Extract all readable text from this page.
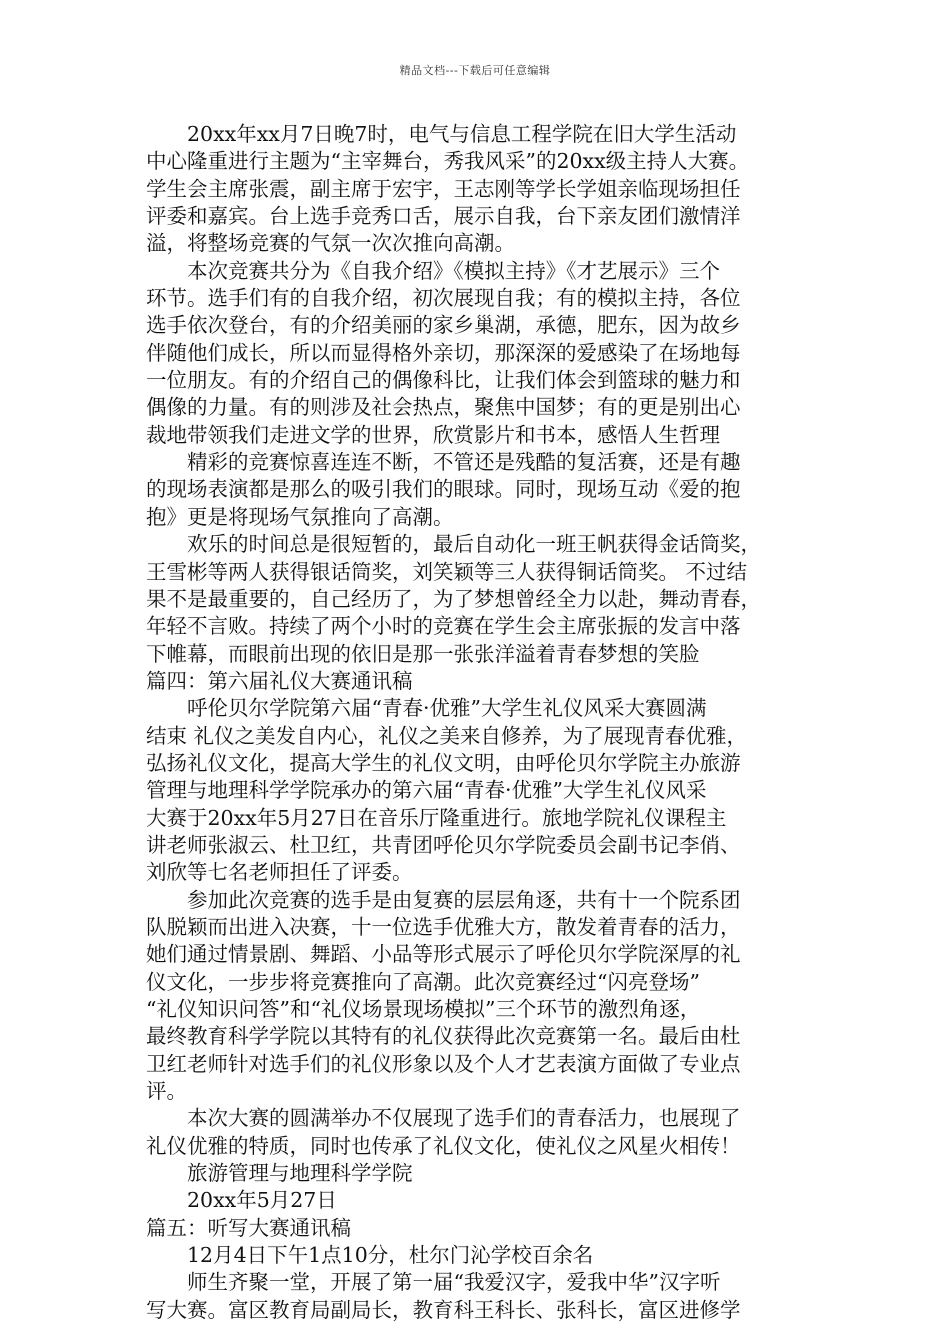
精品文档---下载后可任意编辑
20xx年xx月7日晚7时，电气与信息工程学院在旧大学生活动
中心隆重进行主题为“主宰舞台，秀我风采”的20xx级主持人大赛。
学生会主席张震，副主席于宏宇，王志刚等学长学姐亲临现场担任
评委和嘉宾。台上选手竞秀口舌，展示自我，台下亲友团们激情洋
溢，将整场竞赛的气氛一次次推向高潮。
本次竞赛共分为《自我介绍》《模拟主持》《才艺展示》三个
环节。选手们有的自我介绍，初次展现自我；有的模拟主持，各位
选手依次登台，有的介绍美丽的家乡巢湖，承德，肥东，因为故乡
伴随他们成长，所以而显得格外亲切，那深深的爱感染了在场地每
一位朋友。有的介绍自己的偶像科比，让我们体会到篮球的魅力和
偶像的力量。有的则涉及社会热点，聚焦中国梦；有的更是别出心
裁地带领我们走进文学的世界，欣赏影片和书本，感悟人生哲理
精彩的竞赛惊喜连连不断，不管还是残酷的复活赛，还是有趣
的现场表演都是那么的吸引我们的眼球。同时，现场互动《爱的抱
抱》更是将现场气氛推向了高潮。
欢乐的时间总是很短暂的，最后自动化一班王帆获得金话筒奖，
王雪彬等两人获得银话筒奖，刘笑颖等三人获得铜话筒奖。 不过结
果不是最重要的，自己经历了，为了梦想曾经全力以赴，舞动青春，
年轻不言败。持续了两个小时的竞赛在学生会主席张振的发言中落
下帷幕，而眼前出现的依旧是那一张张洋溢着青春梦想的笑脸
篇四：第六届礼仪大赛通讯稿
呼伦贝尔学院第六届“青春·优雅”大学生礼仪风采大赛圆满
结束 礼仪之美发自内心，礼仪之美来自修养，为了展现青春优雅，
弘扬礼仪文化，提高大学生的礼仪文明，由呼伦贝尔学院主办旅游
管理与地理科学学院承办的第六届“青春·优雅”大学生礼仪风采
大赛于20xx年5月27日在音乐厅隆重进行。旅地学院礼仪课程主
讲老师张淑云、杜卫红，共青团呼伦贝尔学院委员会副书记李俏、
刘欣等七名老师担任了评委。
参加此次竞赛的选手是由复赛的层层角逐，共有十一个院系团
队脱颖而出进入决赛，十一位选手优雅大方，散发着青春的活力，
她们通过情景剧、舞蹈、小品等形式展示了呼伦贝尔学院深厚的礼
仪文化，一步步将竞赛推向了高潮。此次竞赛经过“闪亮登场”
“礼仪知识问答”和“礼仪场景现场模拟”三个环节的激烈角逐，
最终教育科学学院以其特有的礼仪获得此次竞赛第一名。最后由杜
卫红老师针对选手们的礼仪形象以及个人才艺表演方面做了专业点
评。
本次大赛的圆满举办不仅展现了选手们的青春活力，也展现了
礼仪优雅的特质，同时也传承了礼仪文化，使礼仪之风星火相传！
旅游管理与地理科学学院
20xx年5月27日
篇五：听写大赛通讯稿
12月4日下午1点10分，杜尔门沁学校百余名
师生齐聚一堂，开展了第一届“我爱汉字，爱我中华”汉字听
写大赛。富区教育局副局长，教育科王科长、张科长，富区进修学
